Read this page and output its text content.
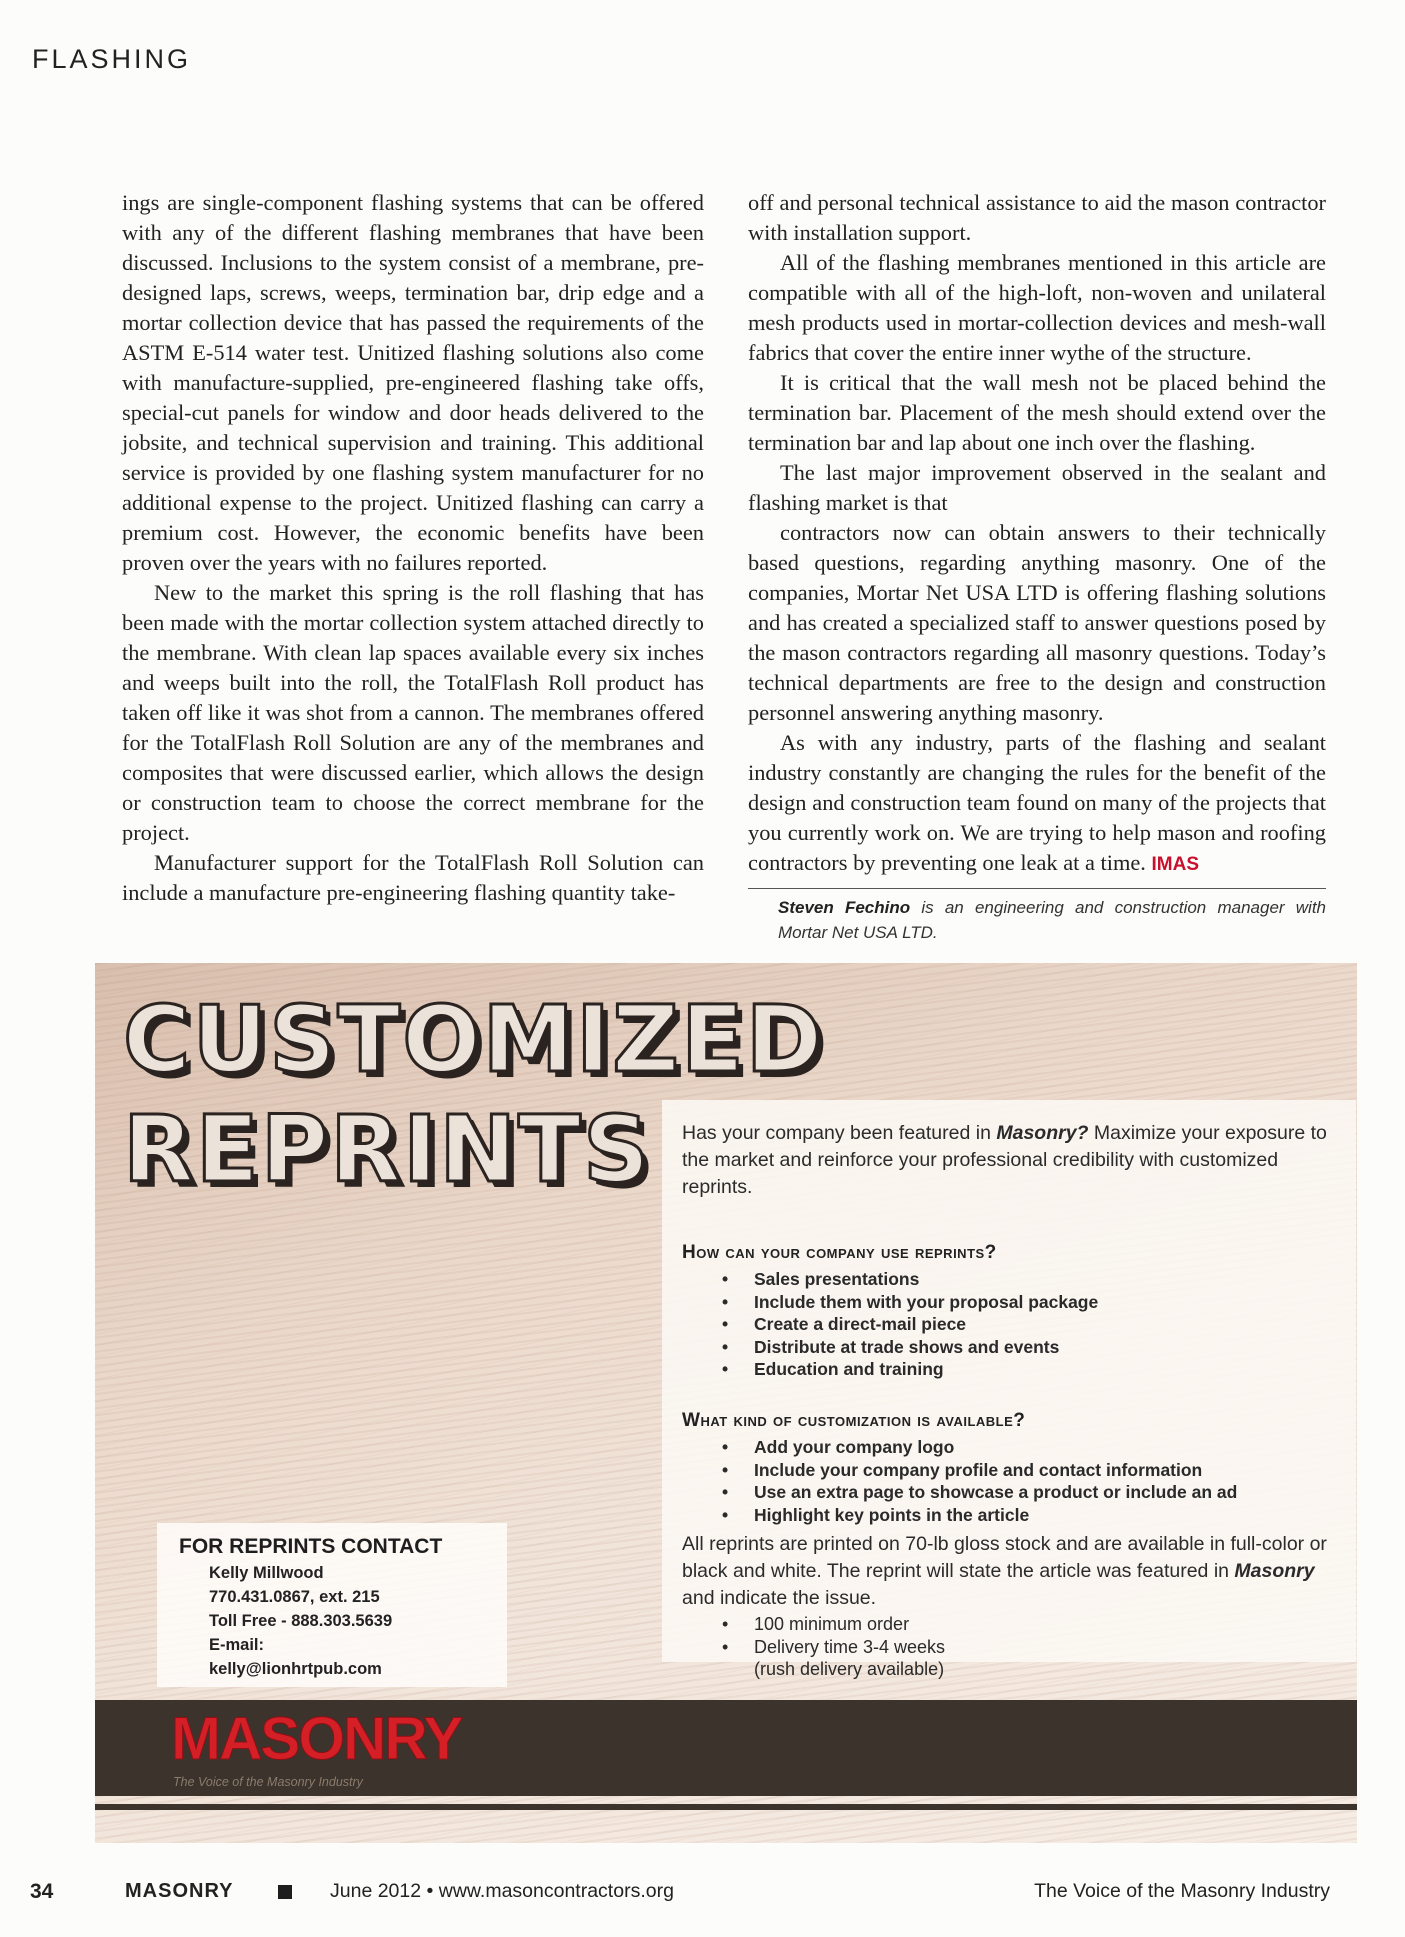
FLASHING

ings are single-component flashing systems that can be offered with any of the different flashing membranes that have been discussed. Inclusions to the system consist of a membrane, pre-designed laps, screws, weeps, termination bar, drip edge and a mortar collection device that has passed the requirements of the ASTM E-514 water test. Unitized flashing solutions also come with manufacture-supplied, pre-engineered flashing take offs, special-cut panels for window and door heads delivered to the jobsite, and technical supervision and training. This additional service is provided by one flashing system manufacturer for no additional expense to the project. Unitized flashing can carry a premium cost. However, the economic benefits have been proven over the years with no failures reported.

New to the market this spring is the roll flashing that has been made with the mortar collection system attached directly to the membrane. With clean lap spaces available every six inches and weeps built into the roll, the TotalFlash Roll product has taken off like it was shot from a cannon. The membranes offered for the TotalFlash Roll Solution are any of the membranes and composites that were discussed earlier, which allows the design or construction team to choose the correct membrane for the project.

Manufacturer support for the TotalFlash Roll Solution can include a manufacture pre-engineering flashing quantity take-

off and personal technical assistance to aid the mason contractor with installation support.

All of the flashing membranes mentioned in this article are compatible with all of the high-loft, non-woven and unilateral mesh products used in mortar-collection devices and mesh-wall fabrics that cover the entire inner wythe of the structure.

It is critical that the wall mesh not be placed behind the termination bar. Placement of the mesh should extend over the termination bar and lap about one inch over the flashing.

The last major improvement observed in the sealant and flashing market is that

contractors now can obtain answers to their technically based questions, regarding anything masonry. One of the companies, Mortar Net USA LTD is offering flashing solutions and has created a specialized staff to answer questions posed by the mason contractors regarding all masonry questions. Today’s technical departments are free to the design and construction personnel answering anything masonry.

As with any industry, parts of the flashing and sealant industry constantly are changing the rules for the benefit of the design and construction team found on many of the projects that you currently work on. We are trying to help mason and roofing contractors by preventing one leak at a time. IMAS

Steven Fechino is an engineering and construction manager with Mortar Net USA LTD.
CUSTOMIZED REPRINTS	Has your company been featured in Masonry? Maximize your exposure to the market and reinforce your professional credibility with customized reprints.
How can your company use reprints?
• Sales presentations
• Include them with your proposal package
• Create a direct-mail piece
• Distribute at trade shows and events
• Education and training
What kind of customization is available?
• Add your company logo
• Include your company profile and contact information
• Use an extra page to showcase a product or include an ad
• Highlight key points in the article
All reprints are printed on 70-lb gloss stock and are available in full-color or black and white. The reprint will state the article was featured in Masonry and indicate the issue.
• 100 minimum order
• Delivery time 3-4 weeks
(rush delivery available)
FOR REPRINTS CONTACT
Kelly Millwood
770.431.0867, ext. 215
Toll Free - 888.303.5639
E-mail:
kelly@lionhrtpub.com
MASONRY
The Voice of the Masonry Industry
34	MASONRY	June 2012 • www.masoncontractors.org	The Voice of the Masonry Industry
